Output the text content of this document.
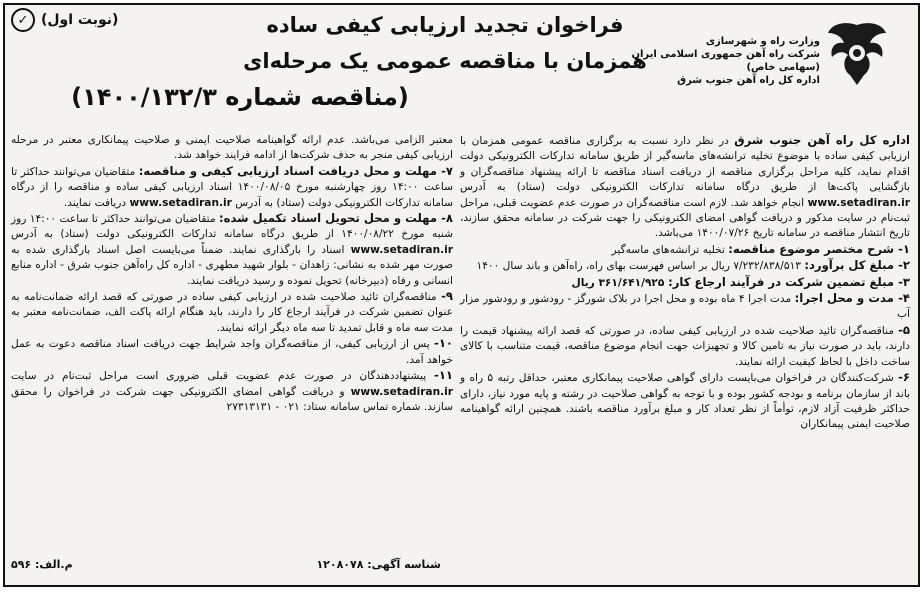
(نوبت اول)
✓
وزارت راه و شهرسازی
شرکت راه آهن جمهوری اسلامی ایران (سهامی خاص)
اداره کل راه آهن جنوب شرق
فراخوان تجدید ارزیابی کیفی ساده
همزمان با مناقصه عمومی یک مرحله‌ای
(مناقصه شماره ۱۴۰۰/۱۳۲/۳)

اداره کل راه آهن جنوب شرق در نظر دارد نسبت به برگزاری مناقصه عمومی همزمان با ارزیابی کیفی ساده با موضوع تخلیه ترانشه‌های ماسه‌گیر از طریق سامانه تدارکات الکترونیکی دولت اقدام نماید، کلیه مراحل برگزاری مناقصه از دریافت اسناد مناقصه تا ارائه پیشنهاد مناقصه‌گران و بازگشایی پاکت‌ها از طریق درگاه سامانه تدارکات الکترونیکی دولت (ستاد) به آدرس www.setadiran.ir انجام خواهد شد. لازم است مناقصه‌گران در صورت عدم عضویت قبلی، مراحل ثبت‌نام در سایت مذکور و دریافت گواهی امضای الکترونیکی را جهت شرکت در سامانه محقق سازند، تاریخ انتشار مناقصه در سامانه تاریخ ۱۴۰۰/۰۷/۲۶ می‌باشد.

۱- شرح مختصر موضوع مناقصه: تخلیه ترانشه‌های ماسه‌گیر

۲- مبلغ کل برآورد: ۷/۲۳۲/۸۳۸/۵۱۳ ریال بر اساس فهرست بهای راه، راه‌آهن و باند سال ۱۴۰۰

۳- مبلغ تضمین شرکت در فرآیند ارجاع کار: ۳۶۱/۶۴۱/۹۲۵ ریال

۴- مدت و محل اجرا: مدت اجرا ۴ ماه بوده و محل اجرا در بلاک شورگز - رودشور و رودشور مزار آب

۵- مناقصه‌گران تائید صلاحیت شده در ارزیابی کیفی ساده، در صورتی که قصد ارائه پیشنهاد قیمت را دارند، باید در صورت نیاز به تامین کالا و تجهیزات جهت انجام موضوع مناقصه، قیمت متناسب با کالای ساخت داخل با لحاظ کیفیت ارائه نمایند.

۶- شرکت‌کنندگان در فراخوان می‌بایست دارای گواهی صلاحیت پیمانکاری معتبر، حداقل رتبه ۵ راه و باند از سازمان برنامه و بودجه کشور بوده و با توجه به گواهی صلاحیت در رشته و پایه مورد نیاز، دارای حداکثر ظرفیت آزاد لازم، توأماً از نظر تعداد کار و مبلغ برآورد مناقصه باشند. همچنین ارائه گواهینامه صلاحیت ایمنی پیمانکاران

معتبر الزامی می‌باشد. عدم ارائه گواهینامه صلاحیت ایمنی و صلاحیت پیمانکاری معتبر در مرحله ارزیابی کیفی منجر به حذف شرکت‌ها از ادامه فرایند خواهد شد.

۷- مهلت و محل دریافت اسناد ارزیابی کیفی و مناقصه: متقاضیان می‌توانند حداکثر تا ساعت ۱۴:۰۰ روز چهارشنبه مورخ ۱۴۰۰/۰۸/۰۵ اسناد ارزیابی کیفی ساده و مناقصه را از درگاه سامانه تدارکات الکترونیکی دولت (ستاد) به آدرس www.setadiran.ir دریافت نمایند.

۸- مهلت و محل تحویل اسناد تکمیل شده: متقاضیان می‌توانند حداکثر تا ساعت ۱۴:۰۰ روز شنبه مورخ ۱۴۰۰/۰۸/۲۲ از طریق درگاه سامانه تدارکات الکترونیکی دولت (ستاد) به آدرس www.setadiran.ir اسناد را بارگذاری نمایند. ضمناً می‌بایست اصل اسناد بارگذاری شده به صورت مهر شده به نشانی: زاهدان - بلوار شهید مطهری - اداره کل راه‌آهن جنوب شرق - اداره منابع انسانی و رفاه (دبیرخانه) تحویل نموده و رسید دریافت نمایند.

۹- مناقصه‌گران تائید صلاحیت شده در ارزیابی کیفی ساده در صورتی که قصد ارائه ضمانت‌نامه به عنوان تضمین شرکت در فرآیند ارجاع کار را دارند، باید هنگام ارائه پاکت الف، ضمانت‌نامه معتبر به مدت سه ماه و قابل تمدید تا سه ماه دیگر ارائه نمایند.

۱۰- پس از ارزیابی کیفی، از مناقصه‌گران واجد شرایط جهت دریافت اسناد مناقصه دعوت به عمل خواهد آمد.

۱۱- پیشنهاددهندگان در صورت عدم عضویت قبلی ضروری است مراحل ثبت‌نام در سایت www.setadiran.ir و دریافت گواهی امضای الکترونیکی جهت شرکت در فراخوان را محقق سازند. شماره تماس سامانه ستاد: ۰۲۱ - ۲۷۳۱۳۱۳۱

شناسه آگهی: ۱۲۰۸۰۷۸
م.الف: ۵۹۶
